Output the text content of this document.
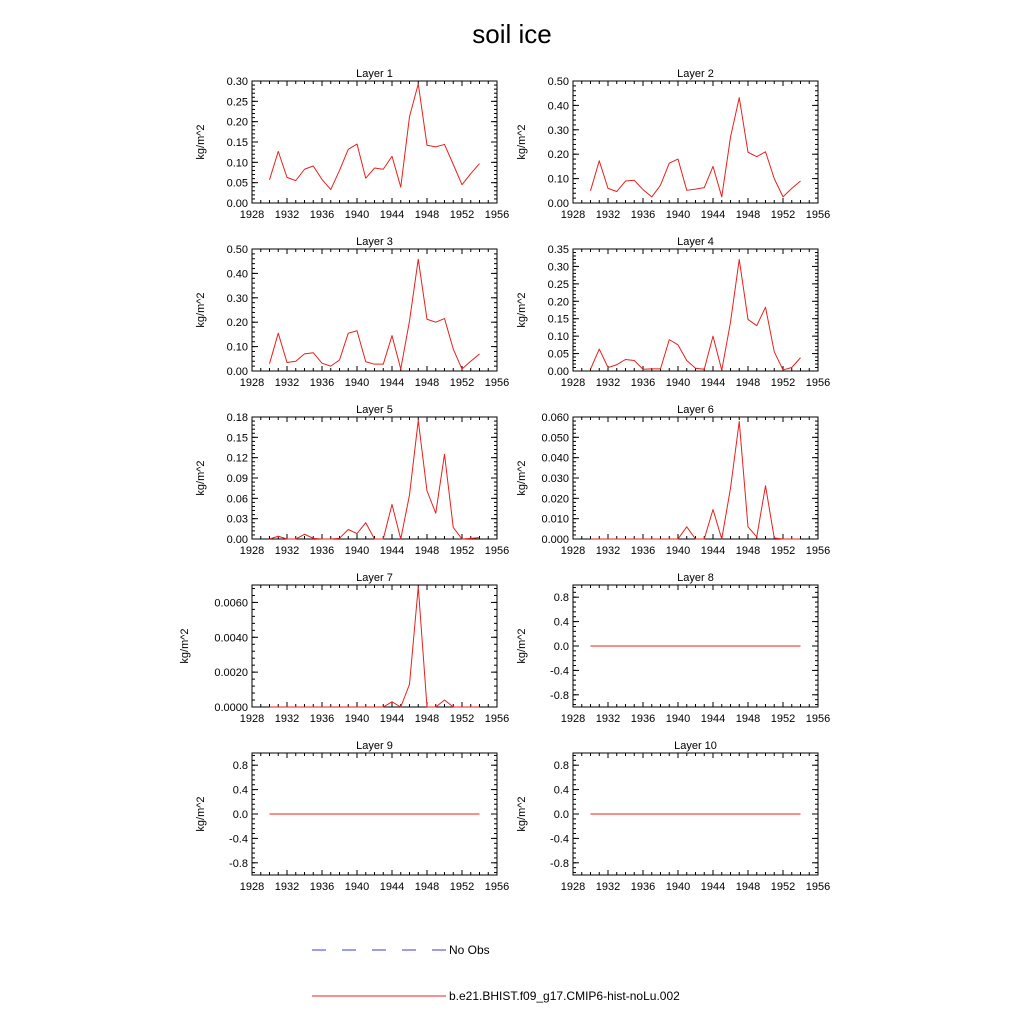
soil ice
Layer 1
1928 1932 1936 1940 1944 1948 1952 1956
0.00
0.05
0.10
0.15
0.20
0.25
0.30
kg/m^2
Layer 2
1928 1932 1936 1940 1944 1948 1952 1956
0.00
0.10
0.20
0.30
0.40
0.50
kg/m^2
Layer 3
1928 1932 1936 1940 1944 1948 1952 1956
0.00
0.10
0.20
0.30
0.40
0.50
kg/m^2
Layer 4
1928 1932 1936 1940 1944 1948 1952 1956
0.00
0.05
0.10
0.15
0.20
0.25
0.30
0.35
kg/m^2
Layer 5
1928 1932 1936 1940 1944 1948 1952 1956
0.00
0.03
0.06
0.09
0.12
0.15
0.18
kg/m^2
Layer 6
1928 1932 1936 1940 1944 1948 1952 1956
0.000
0.010
0.020
0.030
0.040
0.050
0.060
kg/m^2
Layer 7
1928 1932 1936 1940 1944 1948 1952 1956
0.0000
0.0020
0.0040
0.0060
kg/m^2
Layer 8
1928 1932 1936 1940 1944 1948 1952 1956
-0.8
-0.4
0.0
0.4
0.8
kg/m^2
Layer 9
1928 1932 1936 1940 1944 1948 1952 1956
-0.8
-0.4
0.0
0.4
0.8
kg/m^2
Layer 10
1928 1932 1936 1940 1944 1948 1952 1956
-0.8
-0.4
0.0
0.4
0.8
kg/m^2
No Obs
b.e21.BHIST.f09_g17.CMIP6-hist-noLu.002
